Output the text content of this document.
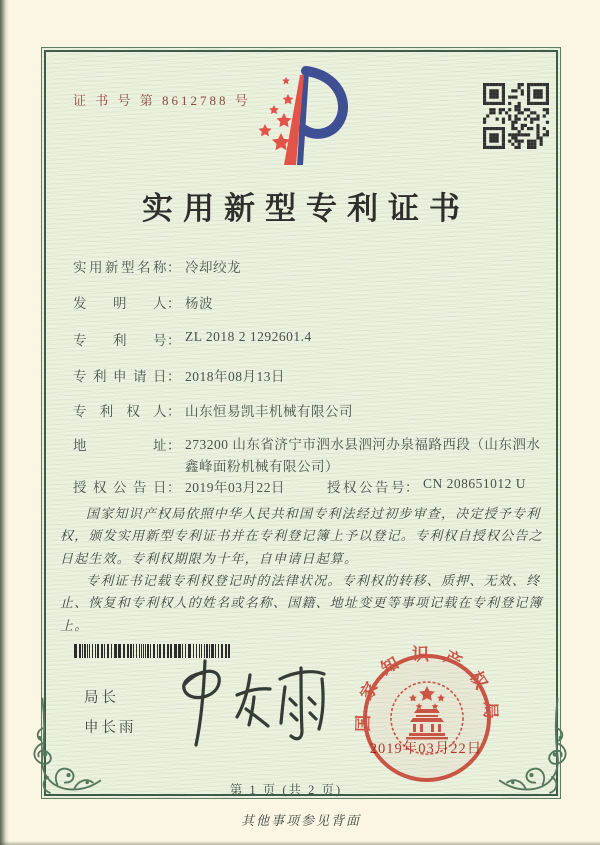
证 书 号 第 8612788 号
实用新型专利证书
实用新型名称： 冷却绞龙
发明人： 杨波
专利号： ZL 2018 2 1292601.4
专利申请日： 2018年08月13日
专利权人： 山东恒易凯丰机械有限公司
地址： 273200 山东省济宁市泗水县泗河办泉福路西段（山东泗水鑫峰面粉机械有限公司）
授权公告日： 2019年03月22日	授权公告号： CN 208651012 U

国家知识产权局依照中华人民共和国专利法经过初步审查，决定授予专利权，颁发实用新型专利证书并在专利登记簿上予以登记。专利权自授权公告之日起生效。专利权期限为十年，自申请日起算。

专利证书记载专利权登记时的法律状况。专利权的转移、质押、无效、终止、恢复和专利权人的姓名或名称、国籍、地址变更等事项记载在专利登记簿上。

局长
申长雨	国家知识产权局
2019年03月22日
第 1 页 (共 2 页)
其他事项参见背面
